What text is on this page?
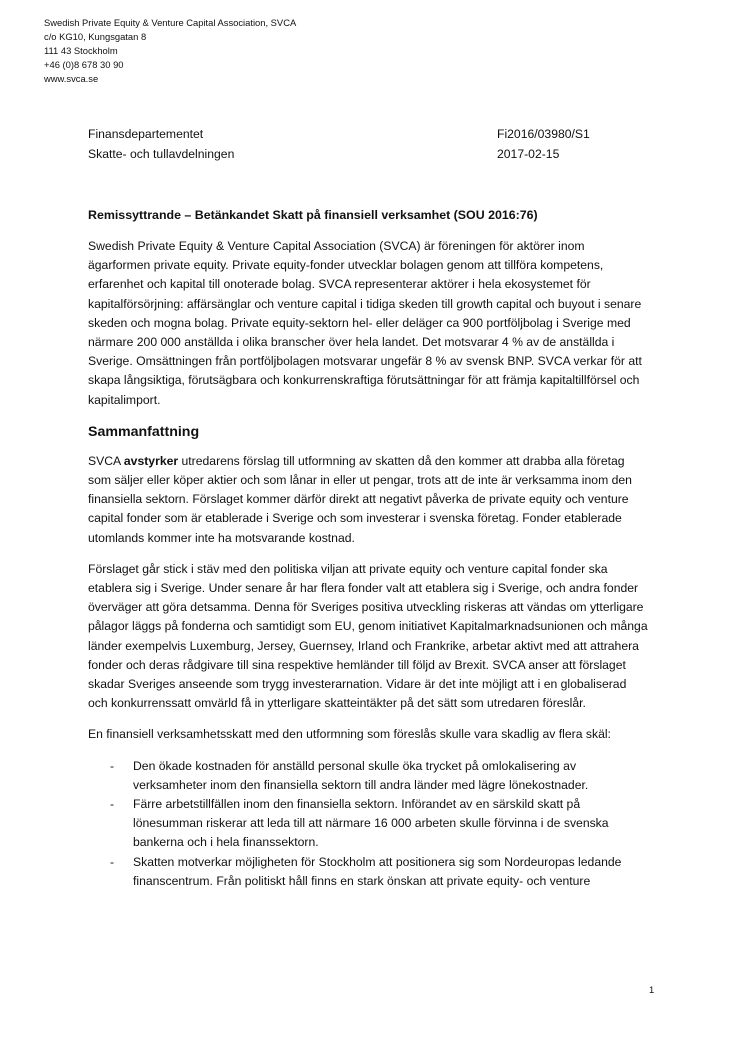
Swedish Private Equity & Venture Capital Association, SVCA
c/o KG10, Kungsgatan 8
111 43 Stockholm
+46 (0)8 678 30 90
www.svca.se
Finansdepartementet
Skatte- och tullavdelningen
Fi2016/03980/S1
2017-02-15
Remissyttrande – Betänkandet Skatt på finansiell verksamhet (SOU 2016:76)

Swedish Private Equity & Venture Capital Association (SVCA) är föreningen för aktörer inom ägarformen private equity. Private equity-fonder utvecklar bolagen genom att tillföra kompetens, erfarenhet och kapital till onoterade bolag. SVCA representerar aktörer i hela ekosystemet för kapitalförsörjning: affärsänglar och venture capital i tidiga skeden till growth capital och buyout i senare skeden och mogna bolag. Private equity-sektorn hel- eller deläger ca 900 portföljbolag i Sverige med närmare 200 000 anställda i olika branscher över hela landet. Det motsvarar 4 % av de anställda i Sverige. Omsättningen från portföljbolagen motsvarar ungefär 8 % av svensk BNP. SVCA verkar för att skapa långsiktiga, förutsägbara och konkurrenskraftiga förutsättningar för att främja kapitaltillförsel och kapitalimport.

Sammanfattning

SVCA avstyrker utredarens förslag till utformning av skatten då den kommer att drabba alla företag som säljer eller köper aktier och som lånar in eller ut pengar, trots att de inte är verksamma inom den finansiella sektorn. Förslaget kommer därför direkt att negativt påverka de private equity och venture capital fonder som är etablerade i Sverige och som investerar i svenska företag. Fonder etablerade utomlands kommer inte ha motsvarande kostnad.

Förslaget går stick i stäv med den politiska viljan att private equity och venture capital fonder ska etablera sig i Sverige. Under senare år har flera fonder valt att etablera sig i Sverige, och andra fonder överväger att göra detsamma. Denna för Sveriges positiva utveckling riskeras att vändas om ytterligare pålagor läggs på fonderna och samtidigt som EU, genom initiativet Kapitalmarknadsunionen och många länder exempelvis Luxemburg, Jersey, Guernsey, Irland och Frankrike, arbetar aktivt med att attrahera fonder och deras rådgivare till sina respektive hemländer till följd av Brexit. SVCA anser att förslaget skadar Sveriges anseende som trygg investerarnation. Vidare är det inte möjligt att i en globaliserad och konkurrenssatt omvärld få in ytterligare skatteintäkter på det sätt som utredaren föreslår.

En finansiell verksamhetsskatt med den utformning som föreslås skulle vara skadlig av flera skäl:

- Den ökade kostnaden för anställd personal skulle öka trycket på omlokalisering av verksamheter inom den finansiella sektorn till andra länder med lägre lönekostnader.
- Färre arbetstillfällen inom den finansiella sektorn. Införandet av en särskild skatt på lönesumman riskerar att leda till att närmare 16 000 arbeten skulle förvinna i de svenska bankerna och i hela finanssektorn.
- Skatten motverkar möjligheten för Stockholm att positionera sig som Nordeuropas ledande finanscentrum. Från politiskt håll finns en stark önskan att private equity- och venture
1
